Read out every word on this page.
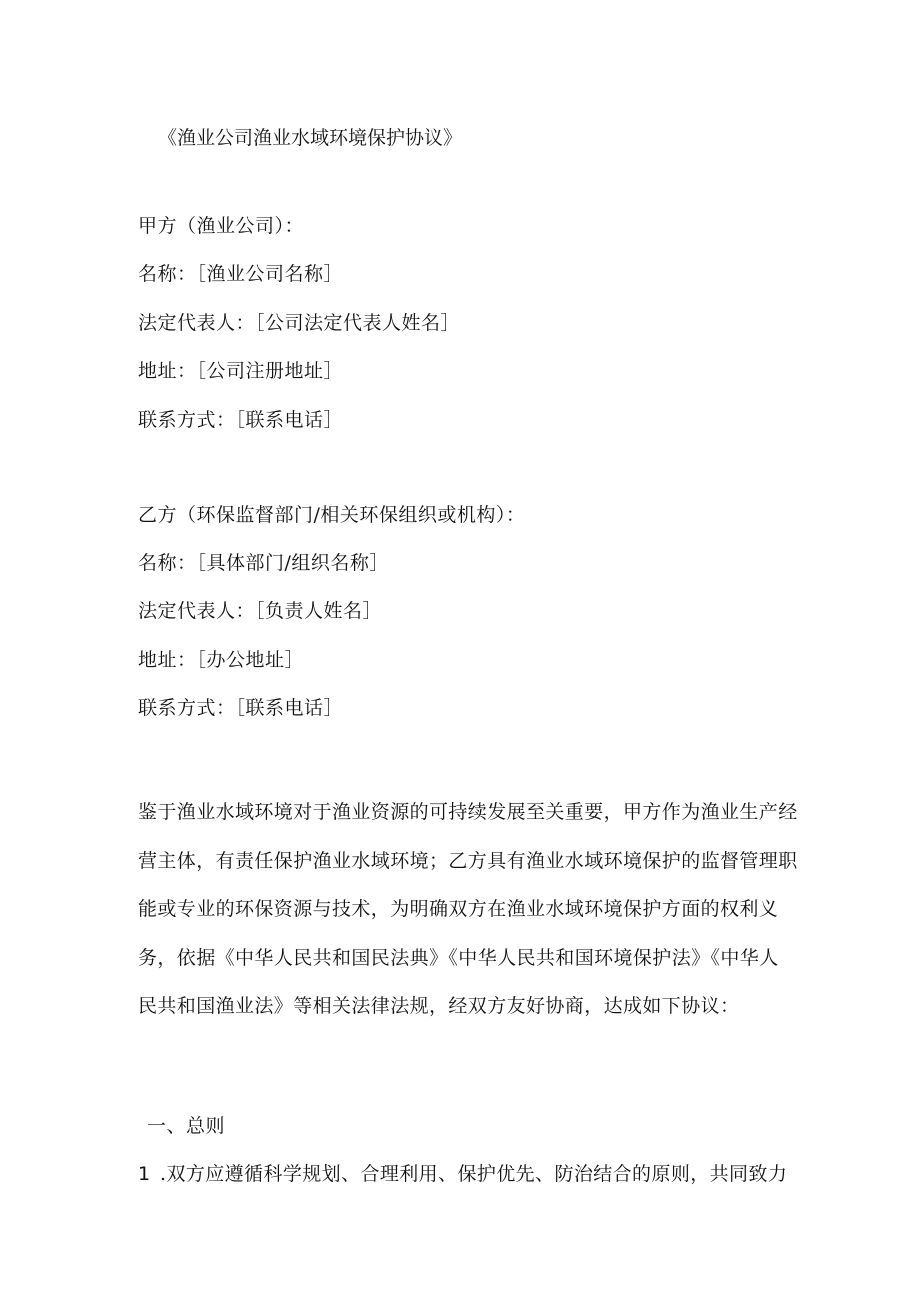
《渔业公司渔业水域环境保护协议》
甲方（渔业公司）：
名称：［渔业公司名称］
法定代表人：［公司法定代表人姓名］
地址：［公司注册地址］
联系方式：［联系电话］
乙方（环保监督部门/相关环保组织或机构）：
名称：［具体部门/组织名称］
法定代表人：［负责人姓名］
地址：［办公地址］
联系方式：［联系电话］
鉴于渔业水域环境对于渔业资源的可持续发展至关重要，甲方作为渔业生产经
营主体，有责任保护渔业水域环境；乙方具有渔业水域环境保护的监督管理职
能或专业的环保资源与技术，为明确双方在渔业水域环境保护方面的权利义
务，依据《中华人民共和国民法典》《中华人民共和国环境保护法》《中华人
民共和国渔业法》等相关法律法规，经双方友好协商，达成如下协议：
一、总则
1 .双方应遵循科学规划、合理利用、保护优先、防治结合的原则，共同致力
